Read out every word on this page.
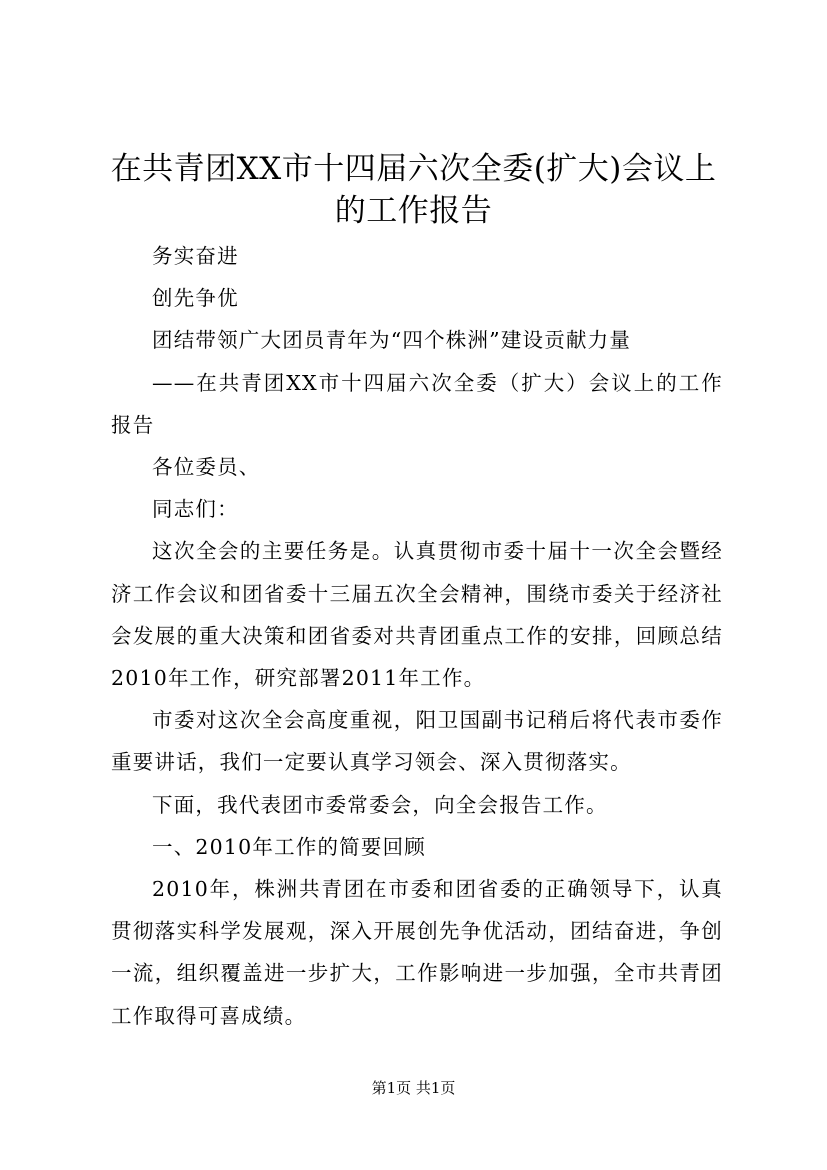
在共青团XX市十四届六次全委(扩大)会议上的工作报告

务实奋进

创先争优

团结带领广大团员青年为“四个株洲”建设贡献力量

——在共青团XX市十四届六次全委（扩大）会议上的工作报告

各位委员、

同志们：

这次全会的主要任务是。认真贯彻市委十届十一次全会暨经济工作会议和团省委十三届五次全会精神，围绕市委关于经济社会发展的重大决策和团省委对共青团重点工作的安排，回顾总结2010年工作，研究部署2011年工作。

市委对这次全会高度重视，阳卫国副书记稍后将代表市委作重要讲话，我们一定要认真学习领会、深入贯彻落实。

下面，我代表团市委常委会，向全会报告工作。

一、2010年工作的简要回顾

2010年，株洲共青团在市委和团省委的正确领导下，认真贯彻落实科学发展观，深入开展创先争优活动，团结奋进，争创一流，组织覆盖进一步扩大，工作影响进一步加强，全市共青团工作取得可喜成绩。

第1页 共1页
